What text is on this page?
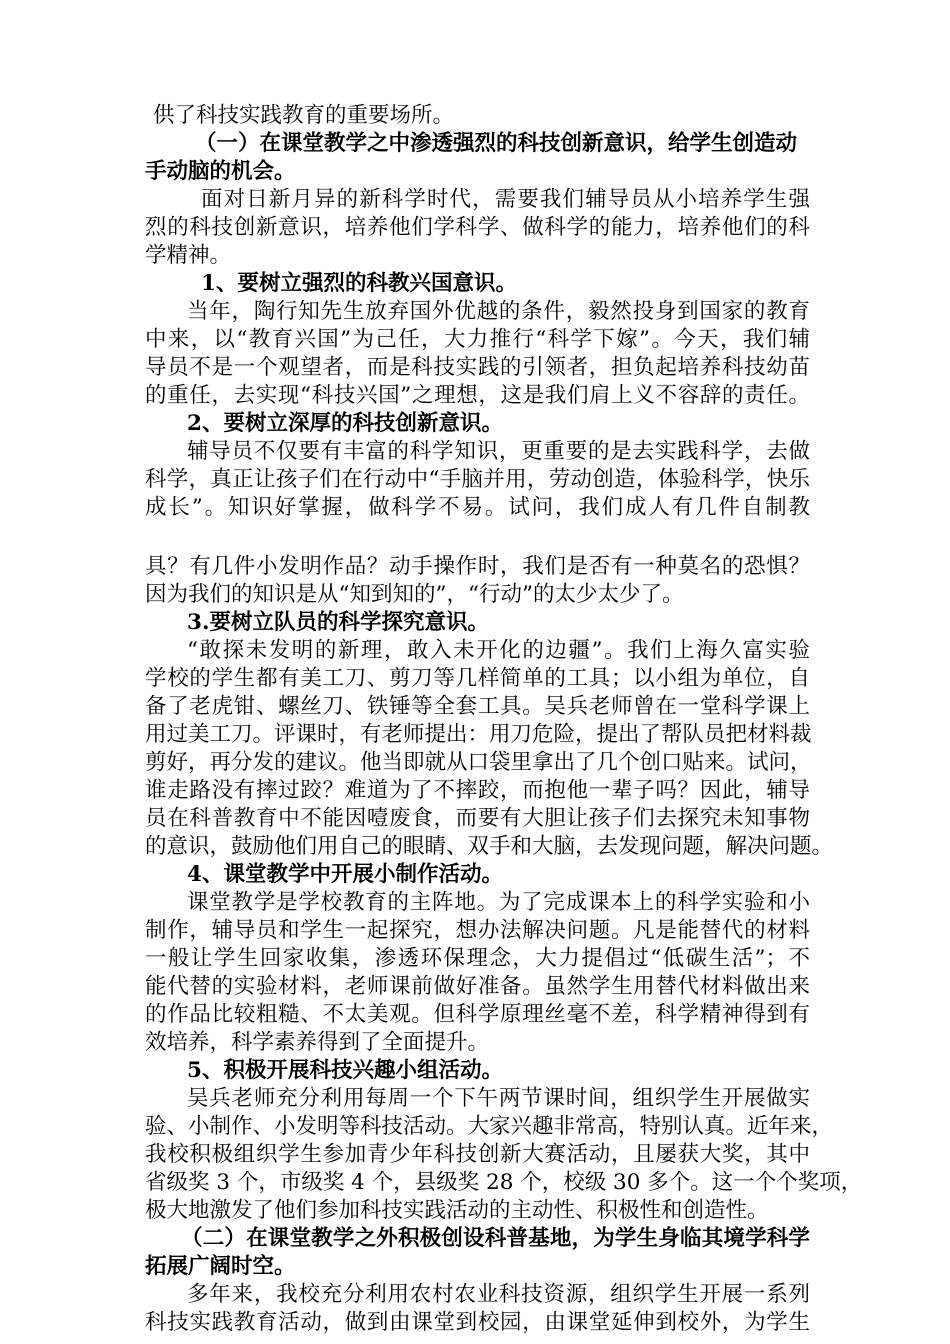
供了科技实践教育的重要场所。
（一）在课堂教学之中渗透强烈的科技创新意识，给学生创造动
手动脑的机会。
面对日新月异的新科学时代，需要我们辅导员从小培养学生强
烈的科技创新意识，培养他们学科学、做科学的能力，培养他们的科
学精神。
1、要树立强烈的科教兴国意识。
当年，陶行知先生放弃国外优越的条件，毅然投身到国家的教育
中来，以“教育兴国”为己任，大力推行“科学下嫁”。今天，我们辅
导员不是一个观望者，而是科技实践的引领者，担负起培养科技幼苗
的重任，去实现“科技兴国”之理想，这是我们肩上义不容辞的责任。
2、要树立深厚的科技创新意识。
辅导员不仅要有丰富的科学知识，更重要的是去实践科学，去做
科学，真正让孩子们在行动中“手脑并用，劳动创造，体验科学，快乐
成长”。知识好掌握，做科学不易。试问，我们成人有几件自制教
具？有几件小发明作品？动手操作时，我们是否有一种莫名的恐惧？
因为我们的知识是从“知到知的”，“行动”的太少太少了。
3.要树立队员的科学探究意识。
“敢探未发明的新理，敢入未开化的边疆”。我们上海久富实验
学校的学生都有美工刀、剪刀等几样简单的工具；以小组为单位，自
备了老虎钳、螺丝刀、铁锤等全套工具。吴兵老师曾在一堂科学课上
用过美工刀。评课时，有老师提出：用刀危险，提出了帮队员把材料裁
剪好，再分发的建议。他当即就从口袋里拿出了几个创口贴来。试问，
谁走路没有摔过跤？难道为了不摔跤，而抱他一辈子吗？因此，辅导
员在科普教育中不能因噎废食，而要有大胆让孩子们去探究未知事物
的意识，鼓励他们用自己的眼睛、双手和大脑，去发现问题，解决问题。
4、课堂教学中开展小制作活动。
课堂教学是学校教育的主阵地。为了完成课本上的科学实验和小
制作，辅导员和学生一起探究，想办法解决问题。凡是能替代的材料
一般让学生回家收集，渗透环保理念，大力提倡过“低碳生活”；不
能代替的实验材料，老师课前做好准备。虽然学生用替代材料做出来
的作品比较粗糙、不太美观。但科学原理丝毫不差，科学精神得到有
效培养，科学素养得到了全面提升。
5、积极开展科技兴趣小组活动。
吴兵老师充分利用每周一个下午两节课时间，组织学生开展做实
验、小制作、小发明等科技活动。大家兴趣非常高，特别认真。近年来，
我校积极组织学生参加青少年科技创新大赛活动，且屡获大奖，其中
省级奖 3 个，市级奖 4 个，县级奖 28 个，校级 30 多个。这一个个奖项，
极大地激发了他们参加科技实践活动的主动性、积极性和创造性。
（二）在课堂教学之外积极创设科普基地，为学生身临其境学科学
拓展广阔时空。
多年来，我校充分利用农村农业科技资源，组织学生开展一系列
科技实践教育活动，做到由课堂到校园，由课堂延伸到校外，为学生
